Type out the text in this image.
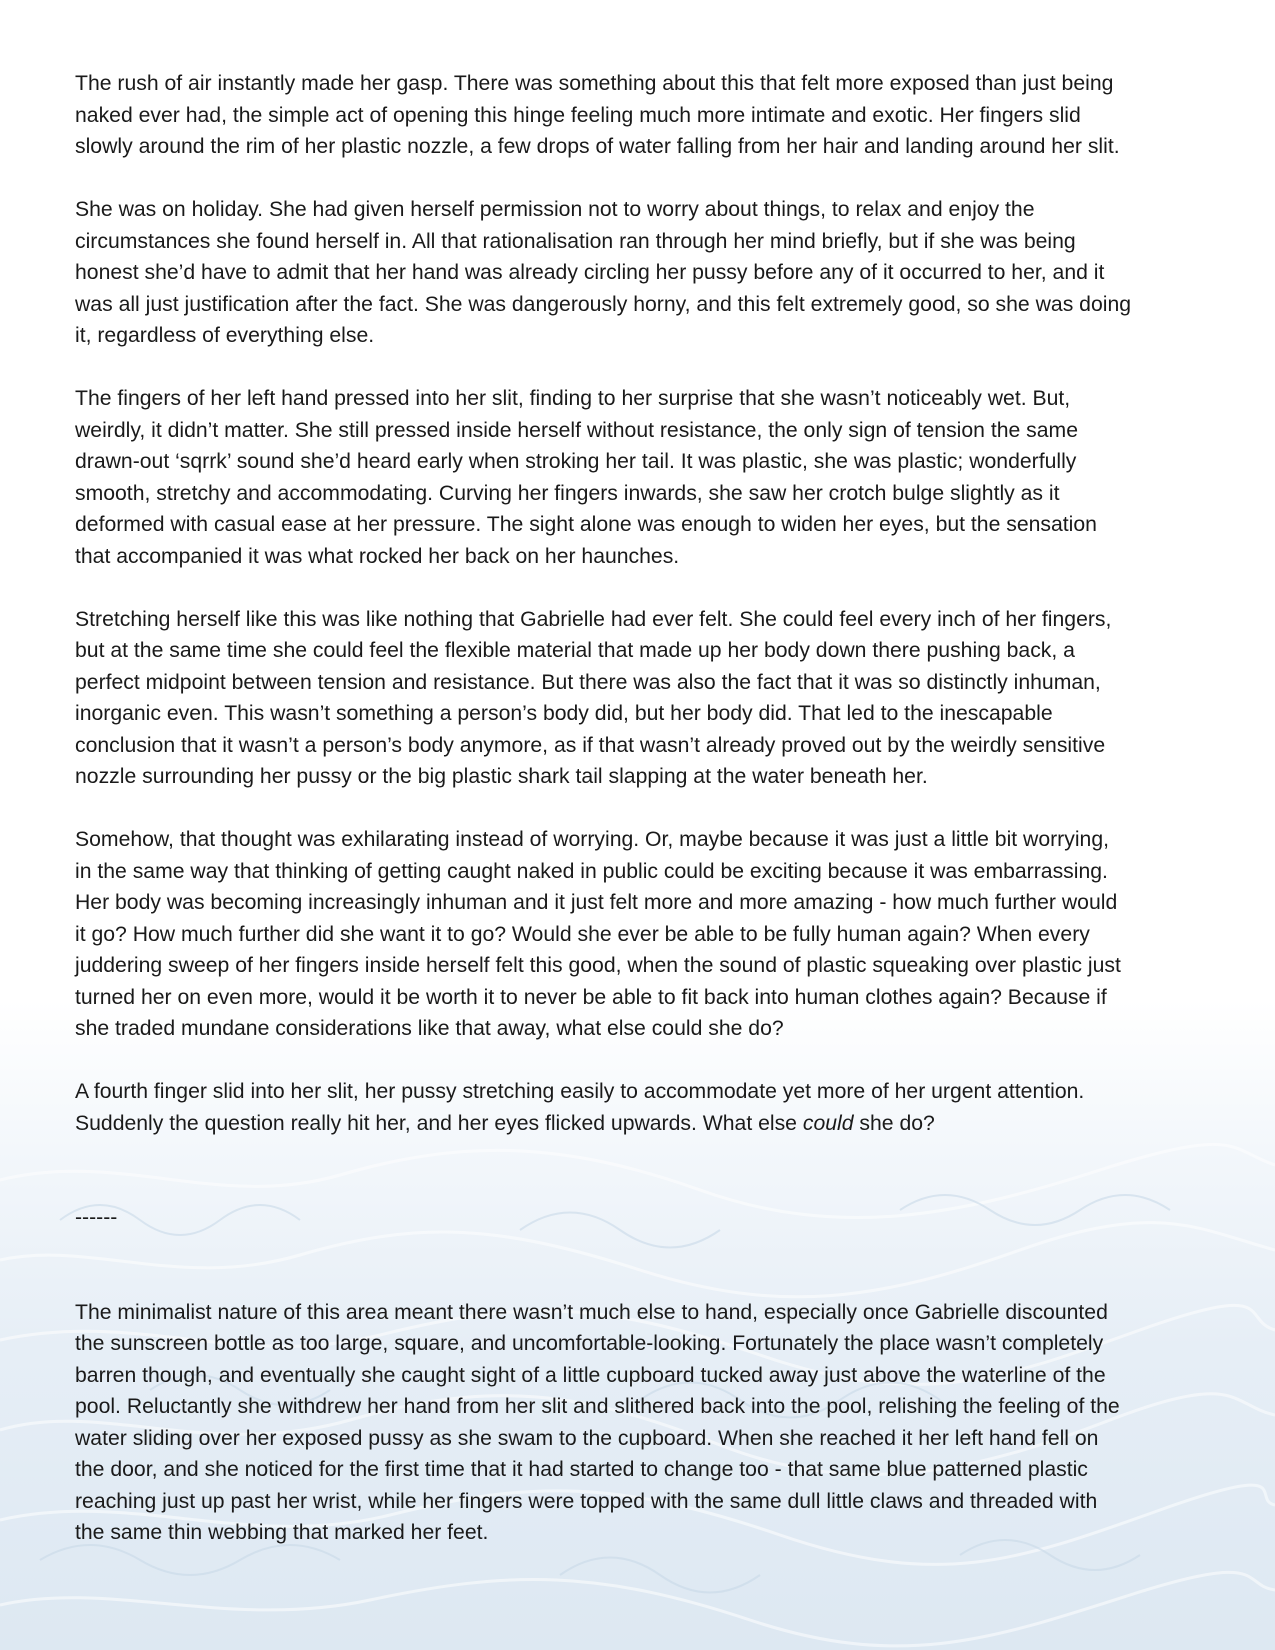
The rush of air instantly made her gasp. There was something about this that felt more exposed than just being
naked ever had, the simple act of opening this hinge feeling much more intimate and exotic. Her fingers slid
slowly around the rim of her plastic nozzle, a few drops of water falling from her hair and landing around her slit.

She was on holiday. She had given herself permission not to worry about things, to relax and enjoy the
circumstances she found herself in. All that rationalisation ran through her mind briefly, but if she was being
honest she’d have to admit that her hand was already circling her pussy before any of it occurred to her, and it
was all just justification after the fact. She was dangerously horny, and this felt extremely good, so she was doing
it, regardless of everything else.

The fingers of her left hand pressed into her slit, finding to her surprise that she wasn’t noticeably wet. But,
weirdly, it didn’t matter. She still pressed inside herself without resistance, the only sign of tension the same
drawn-out ‘sqrrk’ sound she’d heard early when stroking her tail. It was plastic, she was plastic; wonderfully
smooth, stretchy and accommodating. Curving her fingers inwards, she saw her crotch bulge slightly as it
deformed with casual ease at her pressure. The sight alone was enough to widen her eyes, but the sensation
that accompanied it was what rocked her back on her haunches.

Stretching herself like this was like nothing that Gabrielle had ever felt. She could feel every inch of her fingers,
but at the same time she could feel the flexible material that made up her body down there pushing back, a
perfect midpoint between tension and resistance. But there was also the fact that it was so distinctly inhuman,
inorganic even. This wasn’t something a person’s body did, but her body did. That led to the inescapable
conclusion that it wasn’t a person’s body anymore, as if that wasn’t already proved out by the weirdly sensitive
nozzle surrounding her pussy or the big plastic shark tail slapping at the water beneath her.

Somehow, that thought was exhilarating instead of worrying. Or, maybe because it was just a little bit worrying,
in the same way that thinking of getting caught naked in public could be exciting because it was embarrassing.
Her body was becoming increasingly inhuman and it just felt more and more amazing - how much further would
it go? How much further did she want it to go? Would she ever be able to be fully human again? When every
juddering sweep of her fingers inside herself felt this good, when the sound of plastic squeaking over plastic just
turned her on even more, would it be worth it to never be able to fit back into human clothes again? Because if
she traded mundane considerations like that away, what else could she do?

A fourth finger slid into her slit, her pussy stretching easily to accommodate yet more of her urgent attention.
Suddenly the question really hit her, and her eyes flicked upwards. What else could she do?

------

The minimalist nature of this area meant there wasn’t much else to hand, especially once Gabrielle discounted
the sunscreen bottle as too large, square, and uncomfortable-looking. Fortunately the place wasn’t completely
barren though, and eventually she caught sight of a little cupboard tucked away just above the waterline of the
pool. Reluctantly she withdrew her hand from her slit and slithered back into the pool, relishing the feeling of the
water sliding over her exposed pussy as she swam to the cupboard. When she reached it her left hand fell on
the door, and she noticed for the first time that it had started to change too - that same blue patterned plastic
reaching just up past her wrist, while her fingers were topped with the same dull little claws and threaded with
the same thin webbing that marked her feet.
